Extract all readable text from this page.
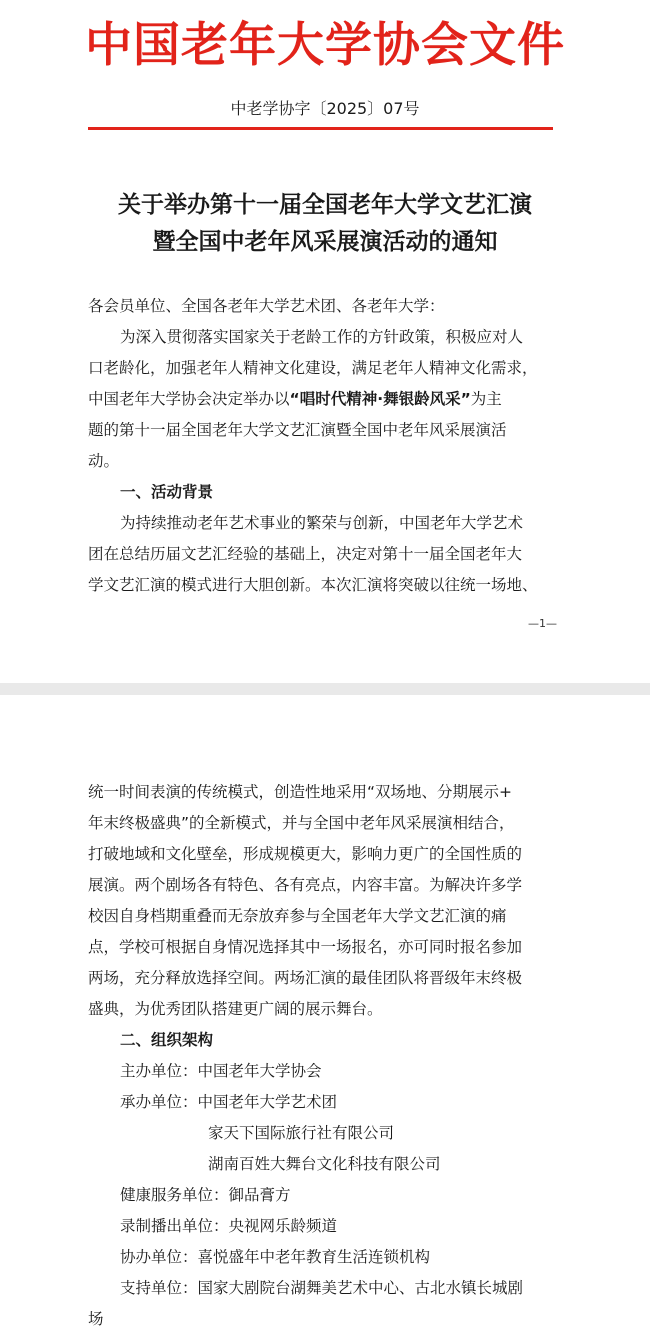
中国老年大学协会文件
中老学协字〔2025〕07号
关于举办第十一届全国老年大学文艺汇演
暨全国中老年风采展演活动的通知
各会员单位、全国各老年大学艺术团、各老年大学：
为深入贯彻落实国家关于老龄工作的方针政策，积极应对人
口老龄化，加强老年人精神文化建设，满足老年人精神文化需求，
中国老年大学协会决定举办以“唱时代精神·舞银龄风采”为主
题的第十一届全国老年大学文艺汇演暨全国中老年风采展演活
动。
一、活动背景
为持续推动老年艺术事业的繁荣与创新，中国老年大学艺术
团在总结历届文艺汇经验的基础上，决定对第十一届全国老年大
学文艺汇演的模式进行大胆创新。本次汇演将突破以往统一场地、
—1—
统一时间表演的传统模式，创造性地采用“双场地、分期展示+
年末终极盛典”的全新模式，并与全国中老年风采展演相结合，
打破地域和文化壁垒，形成规模更大，影响力更广的全国性质的
展演。两个剧场各有特色、各有亮点，内容丰富。为解决许多学
校因自身档期重叠而无奈放弃参与全国老年大学文艺汇演的痛
点，学校可根据自身情况选择其中一场报名，亦可同时报名参加
两场，充分释放选择空间。两场汇演的最佳团队将晋级年末终极
盛典，为优秀团队搭建更广阔的展示舞台。
二、组织架构
主办单位：中国老年大学协会
承办单位：中国老年大学艺术团
家天下国际旅行社有限公司
湖南百姓大舞台文化科技有限公司
健康服务单位：御品膏方
录制播出单位：央视网乐龄频道
协办单位：喜悦盛年中老年教育生活连锁机构
支持单位：国家大剧院台湖舞美艺术中心、古北水镇长城剧
场
